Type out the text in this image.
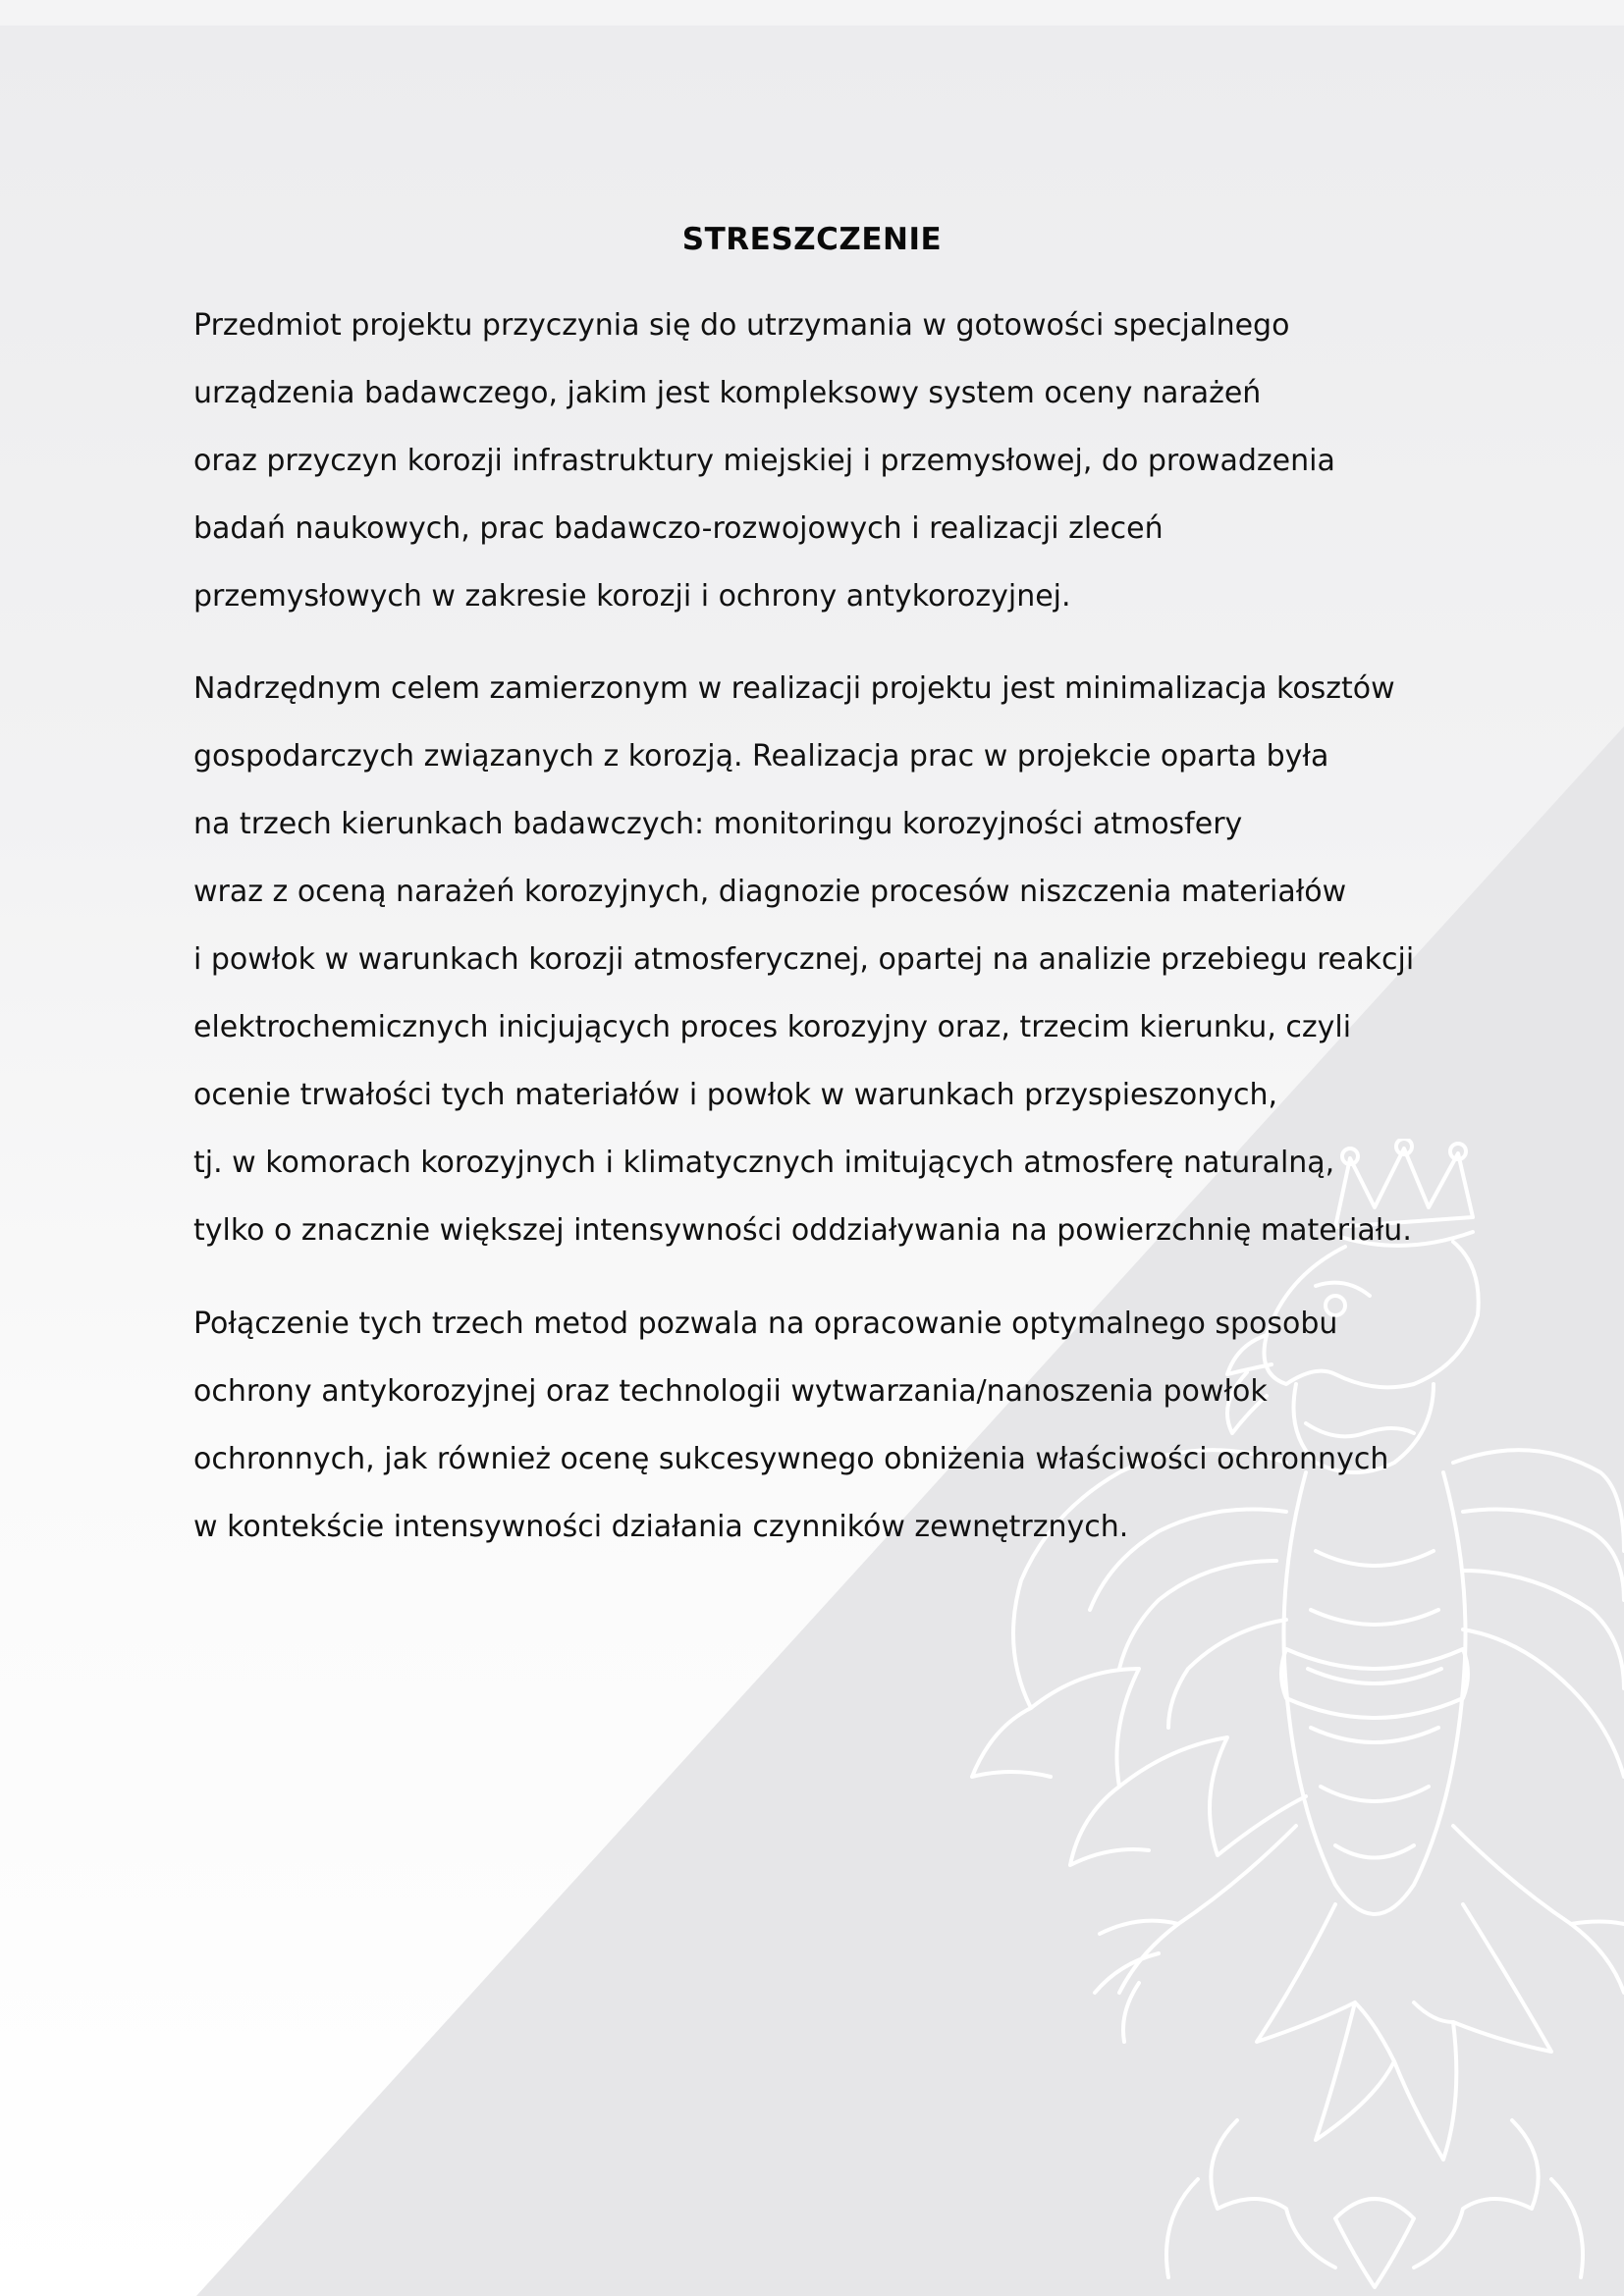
STRESZCZENIE

Przedmiot projektu przyczynia się do utrzymania w gotowości specjalnego
urządzenia badawczego, jakim jest kompleksowy system oceny narażeń
oraz przyczyn korozji infrastruktury miejskiej i przemysłowej, do prowadzenia
badań naukowych, prac badawczo-rozwojowych i realizacji zleceń
przemysłowych w zakresie korozji i ochrony antykorozyjnej.

Nadrzędnym celem zamierzonym w realizacji projektu jest minimalizacja kosztów
gospodarczych związanych z korozją. Realizacja prac w projekcie oparta była
na trzech kierunkach badawczych: monitoringu korozyjności atmosfery
wraz z oceną narażeń korozyjnych, diagnozie procesów niszczenia materiałów
i powłok w warunkach korozji atmosferycznej, opartej na analizie przebiegu reakcji
elektrochemicznych inicjujących proces korozyjny oraz, trzecim kierunku, czyli
ocenie trwałości tych materiałów i powłok w warunkach przyspieszonych,
tj. w komorach korozyjnych i klimatycznych imitujących atmosferę naturalną,
tylko o znacznie większej intensywności oddziaływania na powierzchnię materiału.

Połączenie tych trzech metod pozwala na opracowanie optymalnego sposobu
ochrony antykorozyjnej oraz technologii wytwarzania/nanoszenia powłok
ochronnych, jak również ocenę sukcesywnego obniżenia właściwości ochronnych
w kontekście intensywności działania czynników zewnętrznych.
